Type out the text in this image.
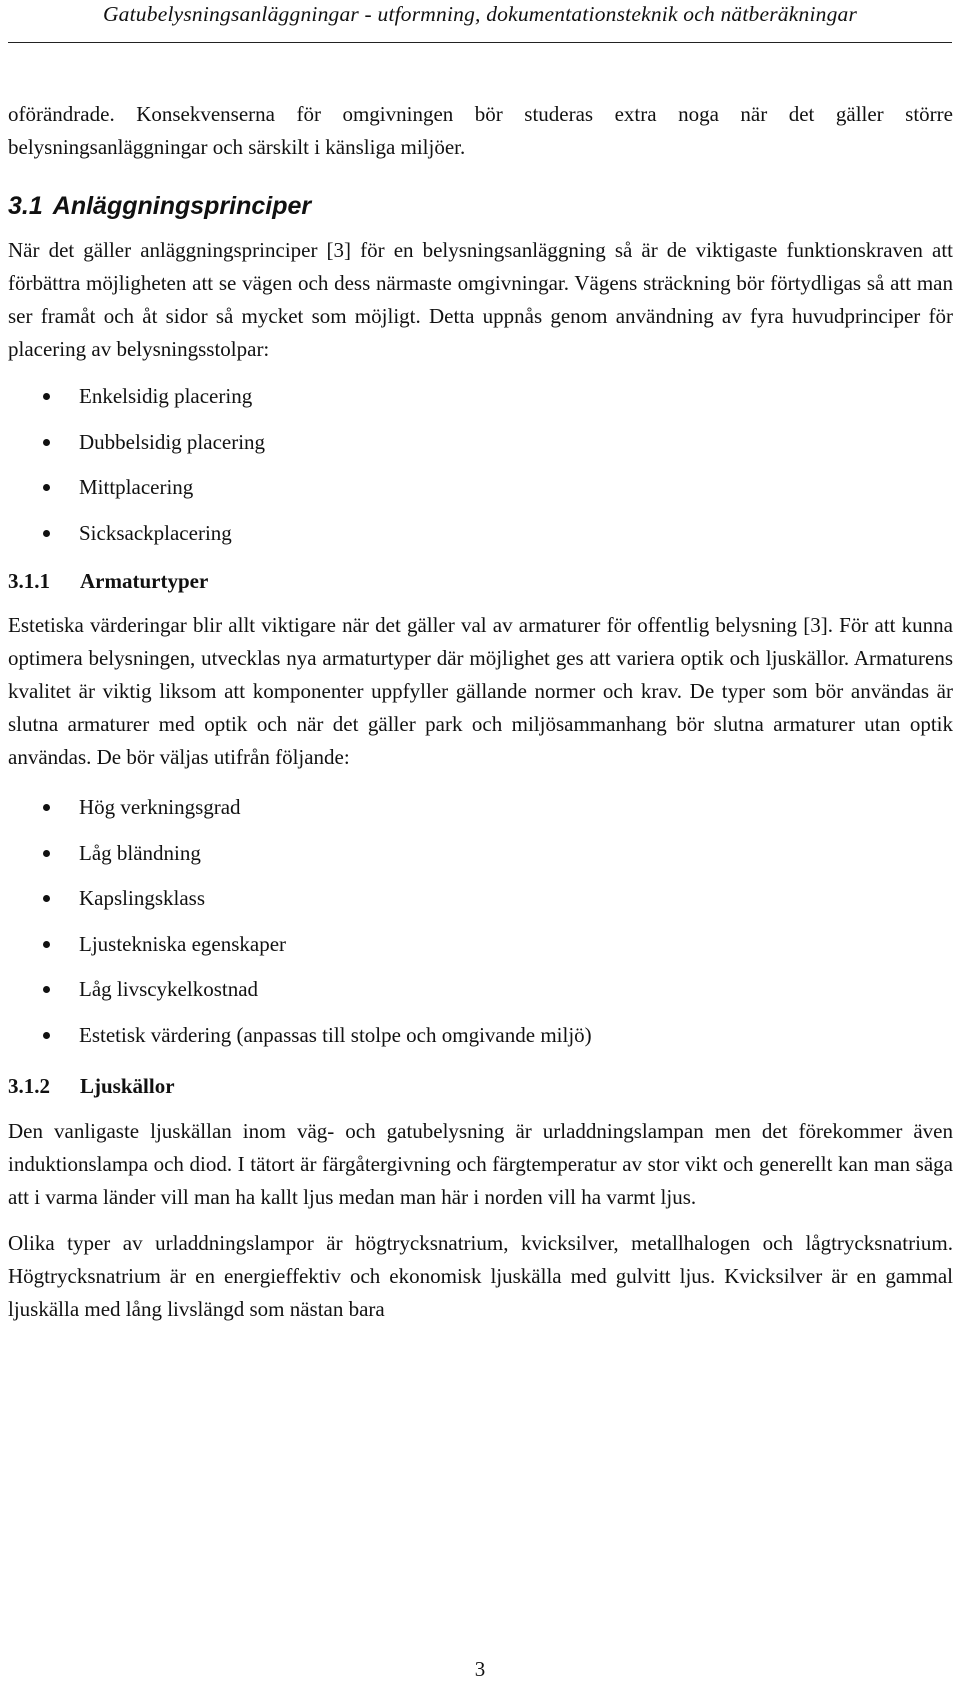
Gatubelysningsanläggningar - utformning, dokumentationsteknik och nätberäkningar

oförändrade. Konsekvenserna för omgivningen bör studeras extra noga när det gäller större belysningsanläggningar och särskilt i känsliga miljöer.

3.1 Anläggningsprinciper

När det gäller anläggningsprinciper [3] för en belysningsanläggning så är de viktigaste funktionskraven att förbättra möjligheten att se vägen och dess närmaste omgivningar. Vägens sträckning bör förtydligas så att man ser framåt och åt sidor så mycket som möjligt. Detta uppnås genom användning av fyra huvudprinciper för placering av belysningsstolpar:

Enkelsidig placering
Dubbelsidig placering
Mittplacering
Sicksackplacering
3.1.1 Armaturtyper

Estetiska värderingar blir allt viktigare när det gäller val av armaturer för offentlig belysning [3]. För att kunna optimera belysningen, utvecklas nya armaturtyper där möjlighet ges att variera optik och ljuskällor. Armaturens kvalitet är viktig liksom att komponenter uppfyller gällande normer och krav. De typer som bör användas är slutna armaturer med optik och när det gäller park och miljösammanhang bör slutna armaturer utan optik användas. De bör väljas utifrån följande:

Hög verkningsgrad
Låg bländning
Kapslingsklass
Ljustekniska egenskaper
Låg livscykelkostnad
Estetisk värdering (anpassas till stolpe och omgivande miljö)
3.1.2 Ljuskällor

Den vanligaste ljuskällan inom väg- och gatubelysning är urladdningslampan men det förekommer även induktionslampa och diod. I tätort är färgåtergivning och färgtemperatur av stor vikt och generellt kan man säga att i varma länder vill man ha kallt ljus medan man här i norden vill ha varmt ljus.

Olika typer av urladdningslampor är högtrycksnatrium, kvicksilver, metallhalogen och lågtrycksnatrium. Högtrycksnatrium är en energieffektiv och ekonomisk ljuskälla med gulvitt ljus. Kvicksilver är en gammal ljuskälla med lång livslängd som nästan bara

3
